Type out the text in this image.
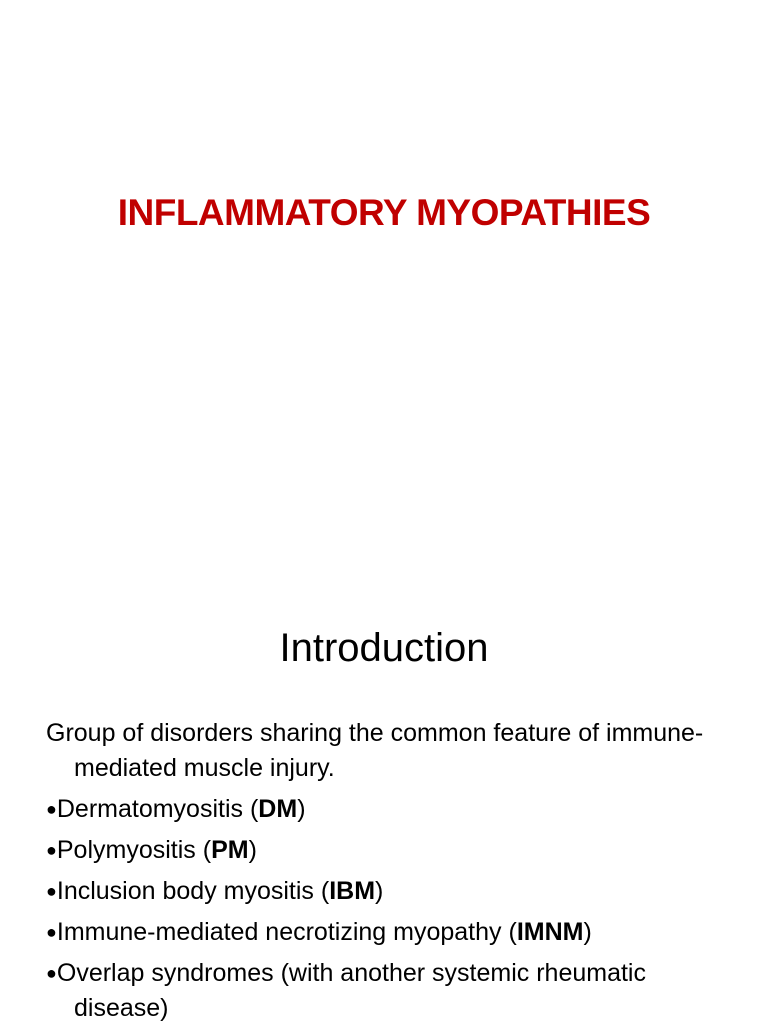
INFLAMMATORY MYOPATHIES
Introduction

Group of disorders sharing the common feature of immune-mediated muscle injury.

●Dermatomyositis (DM)
●Polymyositis (PM)
●Inclusion body myositis (IBM)
●Immune-mediated necrotizing myopathy (IMNM)
●Overlap syndromes (with another systemic rheumatic disease)
